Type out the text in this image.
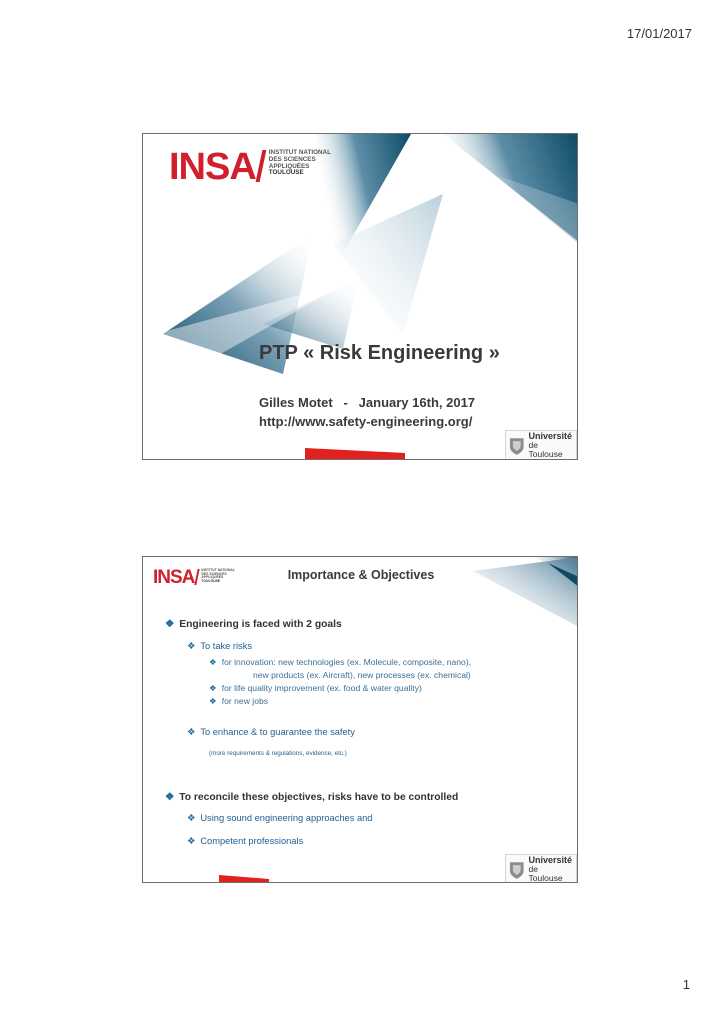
17/01/2017
INSA INSTITUT NATIONAL
DES SCIENCES
APPLIQUÉES
TOULOUSE
PTP « Risk Engineering »
Gilles Motet   -   January 16th, 2017
http://www.safety-engineering.org/
Université
de Toulouse
INSA INSTITUT NATIONAL
DES SCIENCES
APPLIQUÉES
TOULOUSE	Importance & Objectives
❖ Engineering is faced with 2 goals
❖ To take risks
❖ for innovation: new technologies (ex. Molecule, composite, nano),
new products (ex. Aircraft), new processes (ex. chemical)
❖ for life quality improvement (ex. food & water quality)
❖ for new jobs
❖ To enhance & to guarantee the safety
(more requirements & regulations, evidence, etc.)
❖ To reconcile these objectives, risks have to be controlled
❖ Using sound engineering approaches and
❖ Competent professionals
Université
de Toulouse
1
